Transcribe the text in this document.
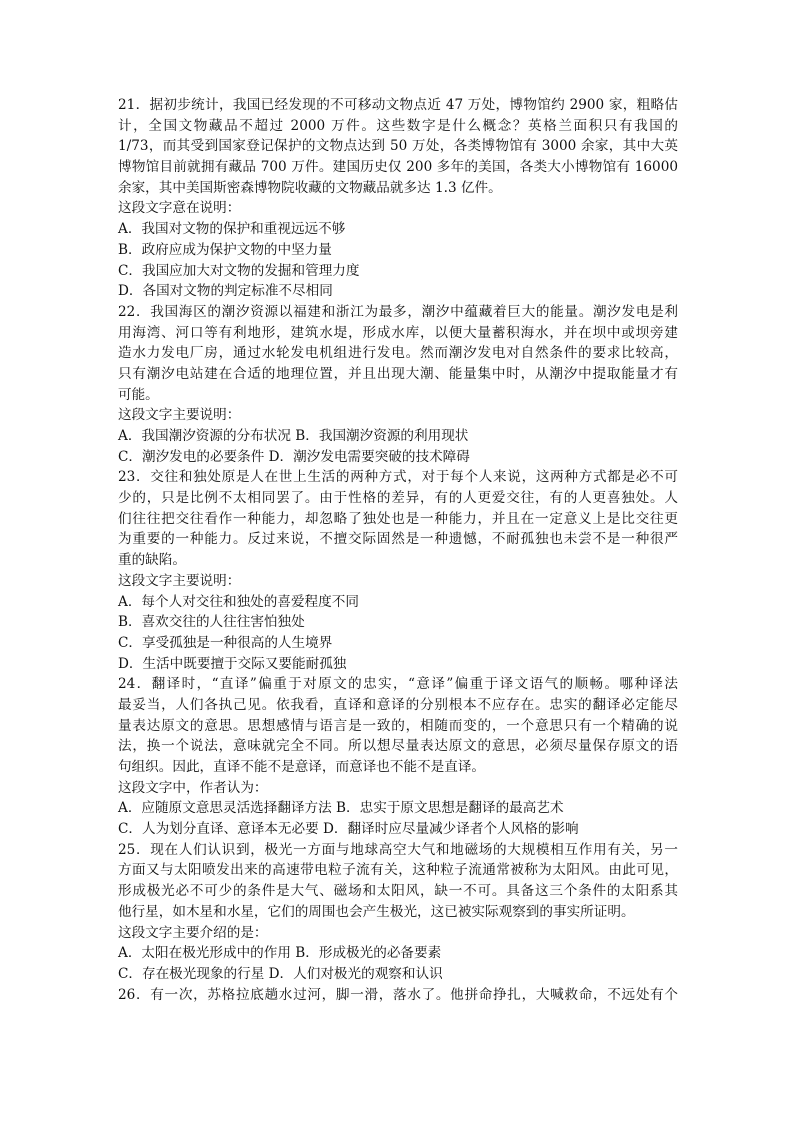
21．据初步统计，我国已经发现的不可移动文物点近 47 万处，博物馆约 2900 家，粗略估
计，全国文物藏品不超过 2000 万件。这些数字是什么概念？英格兰面积只有我国的
1/73，而其受到国家登记保护的文物点达到 50 万处，各类博物馆有 3000 余家，其中大英
博物馆目前就拥有藏品 700 万件。建国历史仅 200 多年的美国，各类大小博物馆有 16000
余家，其中美国斯密森博物院收藏的文物藏品就多达 1.3 亿件。
这段文字意在说明：
A．我国对文物的保护和重视远远不够
B．政府应成为保护文物的中坚力量
C．我国应加大对文物的发掘和管理力度
D．各国对文物的判定标准不尽相同
22．我国海区的潮汐资源以福建和浙江为最多，潮汐中蕴藏着巨大的能量。潮汐发电是利
用海湾、河口等有利地形，建筑水堤，形成水库，以便大量蓄积海水，并在坝中或坝旁建
造水力发电厂房，通过水轮发电机组进行发电。然而潮汐发电对自然条件的要求比较高，
只有潮汐电站建在合适的地理位置，并且出现大潮、能量集中时，从潮汐中提取能量才有
可能。
这段文字主要说明：
A．我国潮汐资源的分布状况 B．我国潮汐资源的利用现状
C．潮汐发电的必要条件 D．潮汐发电需要突破的技术障碍
23．交往和独处原是人在世上生活的两种方式，对于每个人来说，这两种方式都是必不可
少的，只是比例不太相同罢了。由于性格的差异，有的人更爱交往，有的人更喜独处。人
们往往把交往看作一种能力，却忽略了独处也是一种能力，并且在一定意义上是比交往更
为重要的一种能力。反过来说，不擅交际固然是一种遗憾，不耐孤独也未尝不是一种很严
重的缺陷。
这段文字主要说明：
A．每个人对交往和独处的喜爱程度不同
B．喜欢交往的人往往害怕独处
C．享受孤独是一种很高的人生境界
D．生活中既要擅于交际又要能耐孤独
24．翻译时，“直译”偏重于对原文的忠实，“意译”偏重于译文语气的顺畅。哪种译法
最妥当，人们各执己见。依我看，直译和意译的分别根本不应存在。忠实的翻译必定能尽
量表达原文的意思。思想感情与语言是一致的，相随而变的，一个意思只有一个精确的说
法，换一个说法，意味就完全不同。所以想尽量表达原文的意思，必须尽量保存原文的语
句组织。因此，直译不能不是意译，而意译也不能不是直译。
这段文字中，作者认为：
A．应随原文意思灵活选择翻译方法 B．忠实于原文思想是翻译的最高艺术
C．人为划分直译、意译本无必要 D．翻译时应尽量减少译者个人风格的影响
25．现在人们认识到，极光一方面与地球高空大气和地磁场的大规模相互作用有关，另一
方面又与太阳喷发出来的高速带电粒子流有关，这种粒子流通常被称为太阳风。由此可见，
形成极光必不可少的条件是大气、磁场和太阳风，缺一不可。具备这三个条件的太阳系其
他行星，如木星和水星，它们的周围也会产生极光，这已被实际观察到的事实所证明。
这段文字主要介绍的是：
A．太阳在极光形成中的作用 B．形成极光的必备要素
C．存在极光现象的行星 D．人们对极光的观察和认识
26．有一次，苏格拉底趟水过河，脚一滑，落水了。他拼命挣扎，大喊救命，不远处有个
